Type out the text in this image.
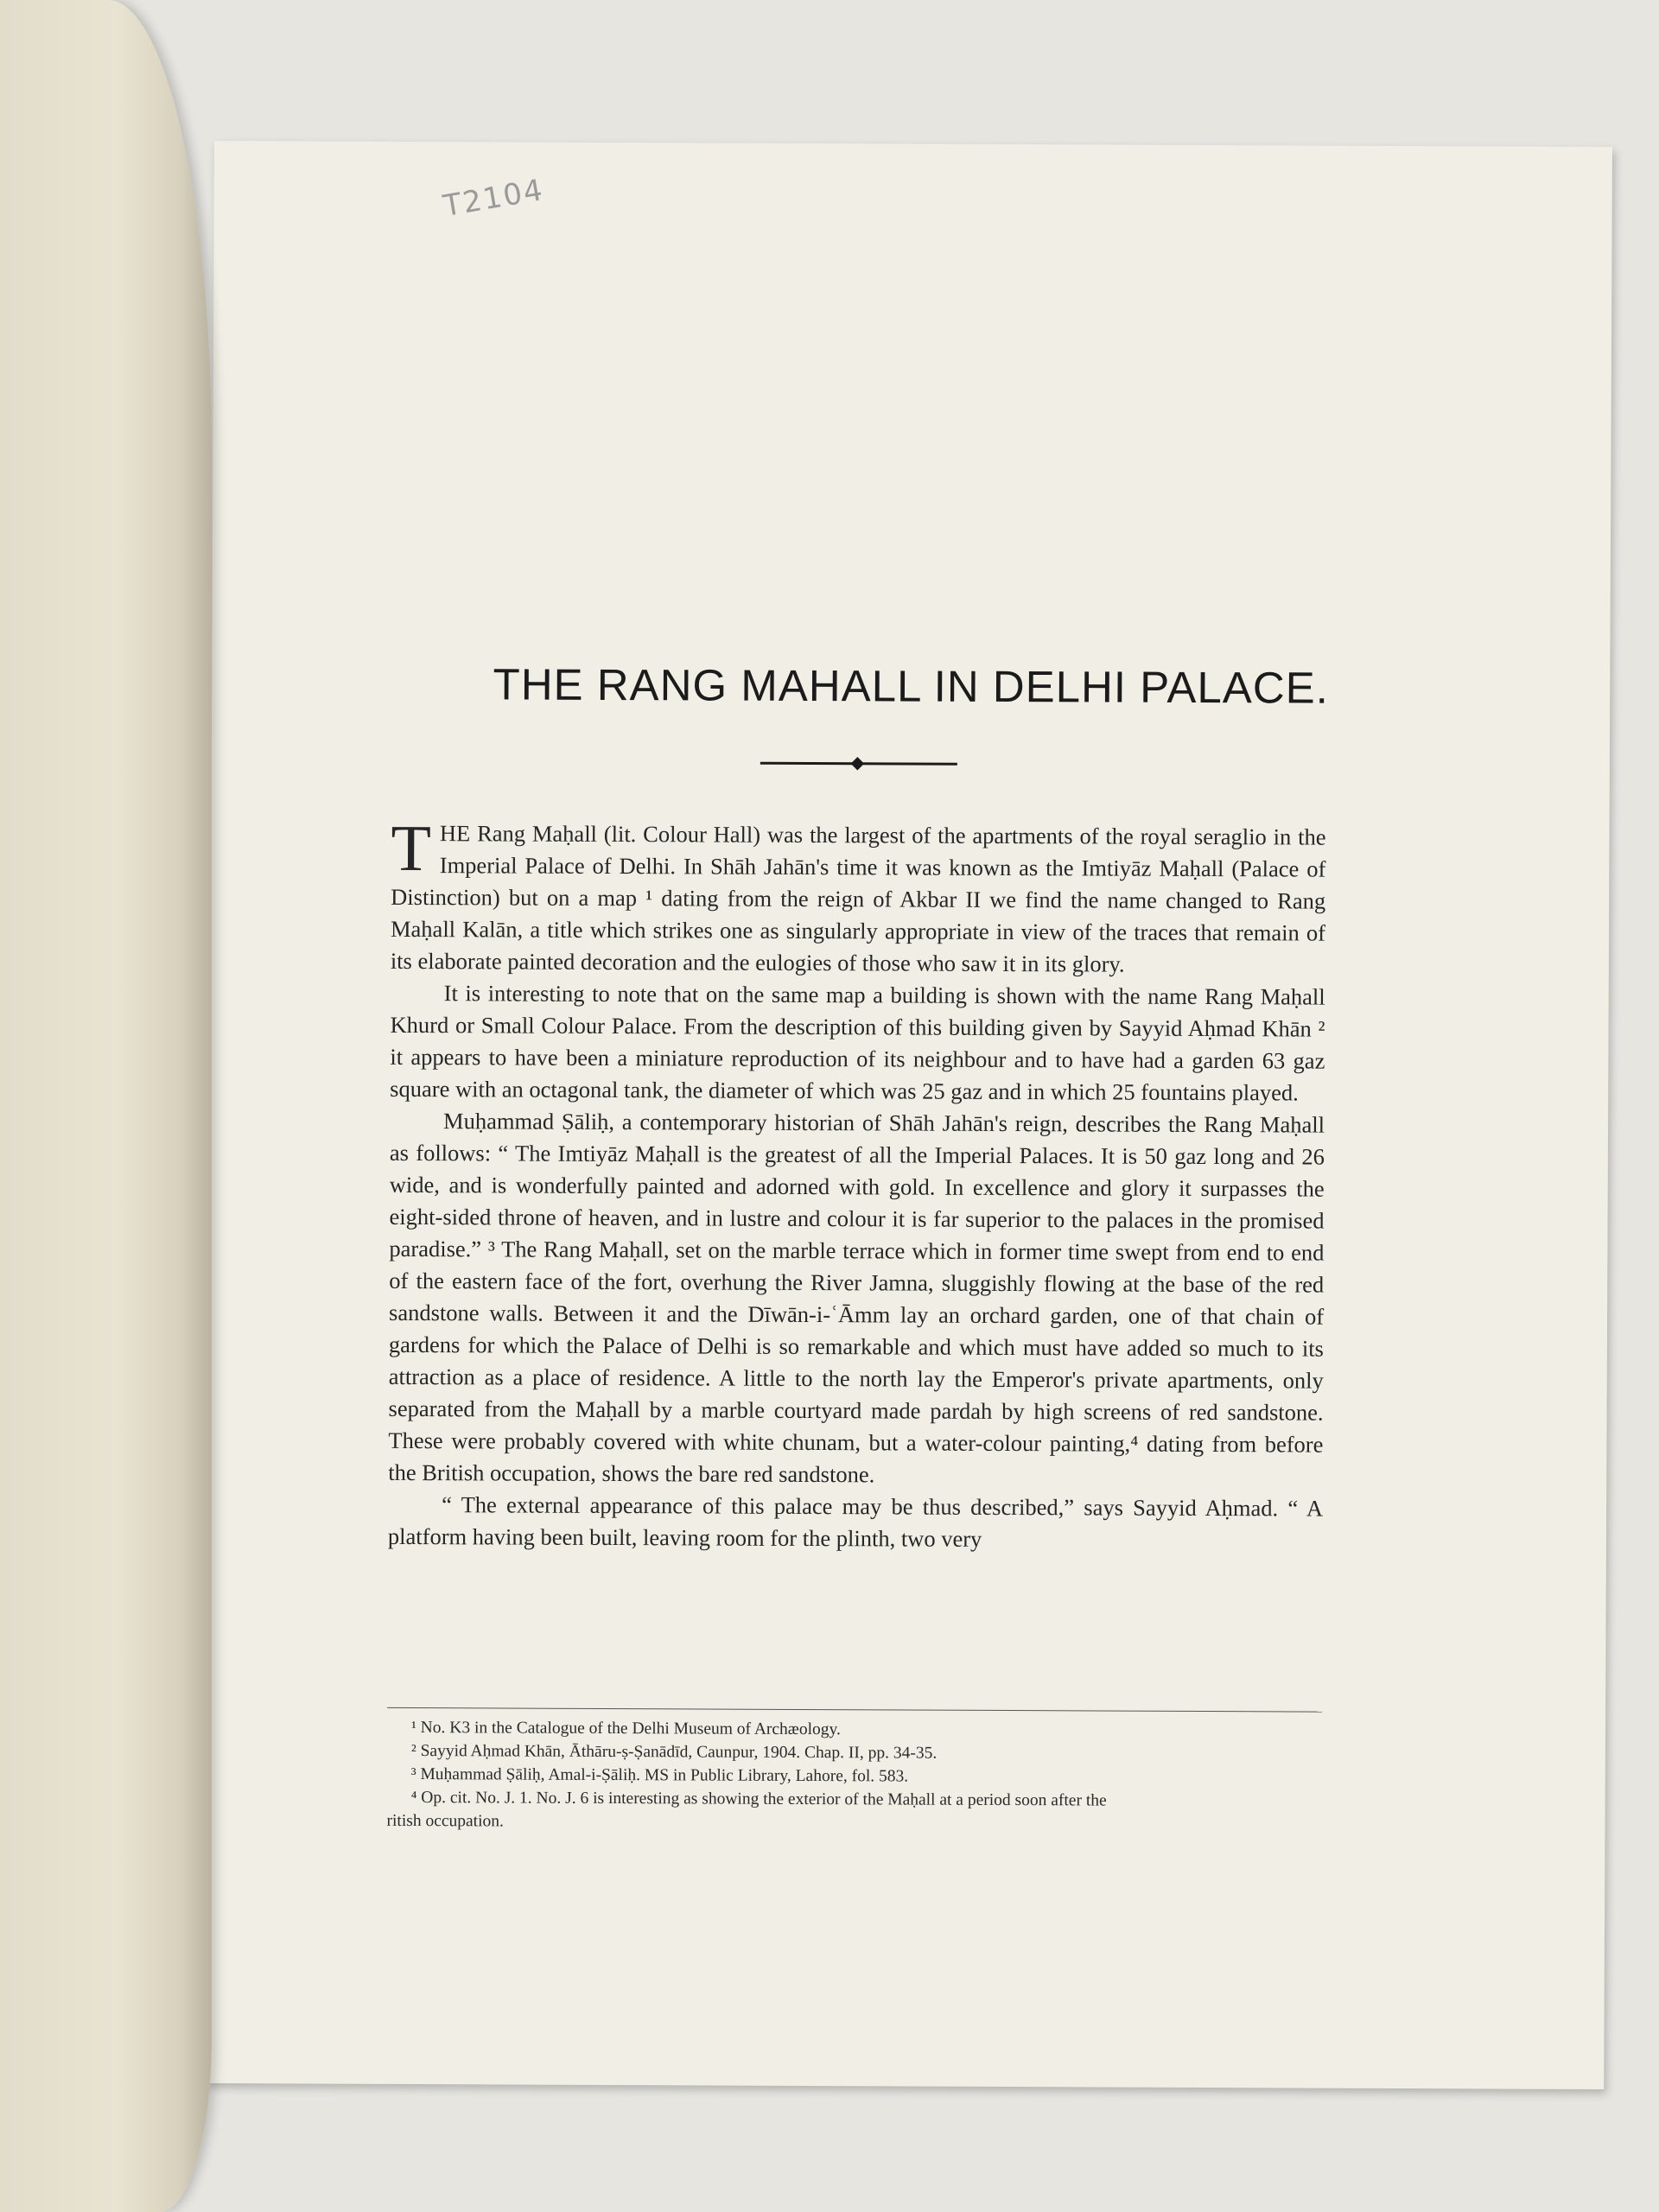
T2104
THE RANG MAHALL IN DELHI PALACE.

THE Rang Maḥall (lit. Colour Hall) was the largest of the apartments of the royal seraglio in the Imperial Palace of Delhi. In Shāh Jahān's time it was known as the Imtiyāz Maḥall (Palace of Distinction) but on a map ¹ dating from the reign of Akbar II we find the name changed to Rang Maḥall Kalān, a title which strikes one as singularly appropriate in view of the traces that remain of its elaborate painted decoration and the eulogies of those who saw it in its glory.

It is interesting to note that on the same map a building is shown with the name Rang Maḥall Khurd or Small Colour Palace. From the description of this building given by Sayyid Aḥmad Khān ² it appears to have been a miniature reproduction of its neighbour and to have had a garden 63 gaz square with an octagonal tank, the diameter of which was 25 gaz and in which 25 fountains played.

Muḥammad Ṣāliḥ, a contemporary historian of Shāh Jahān's reign, describes the Rang Maḥall as follows: “ The Imtiyāz Maḥall is the greatest of all the Imperial Palaces. It is 50 gaz long and 26 wide, and is wonderfully painted and adorned with gold. In excellence and glory it surpasses the eight-sided throne of heaven, and in lustre and colour it is far superior to the palaces in the promised paradise.” ³ The Rang Maḥall, set on the marble terrace which in former time swept from end to end of the eastern face of the fort, overhung the River Jamna, sluggishly flowing at the base of the red sandstone walls. Between it and the Dīwān-i-ʿĀmm lay an orchard garden, one of that chain of gardens for which the Palace of Delhi is so remarkable and which must have added so much to its attraction as a place of residence. A little to the north lay the Emperor's private apartments, only separated from the Maḥall by a marble courtyard made pardah by high screens of red sandstone. These were probably covered with white chunam, but a water-colour painting,⁴ dating from before the British occupation, shows the bare red sandstone.

“ The external appearance of this palace may be thus described,” says Sayyid Aḥmad. “ A platform having been built, leaving room for the plinth, two very

¹ No. K3 in the Catalogue of the Delhi Museum of Archæology.
² Sayyid Aḥmad Khān, Āthāru-ṣ-Ṣanādīd, Caunpur, 1904. Chap. II, pp. 34-35.
³ Muḥammad Ṣāliḥ, Amal-i-Ṣāliḥ. MS in Public Library, Lahore, fol. 583.
⁴ Op. cit. No. J. 1. No. J. 6 is interesting as showing the exterior of the Maḥall at a period soon after the
ritish occupation.
